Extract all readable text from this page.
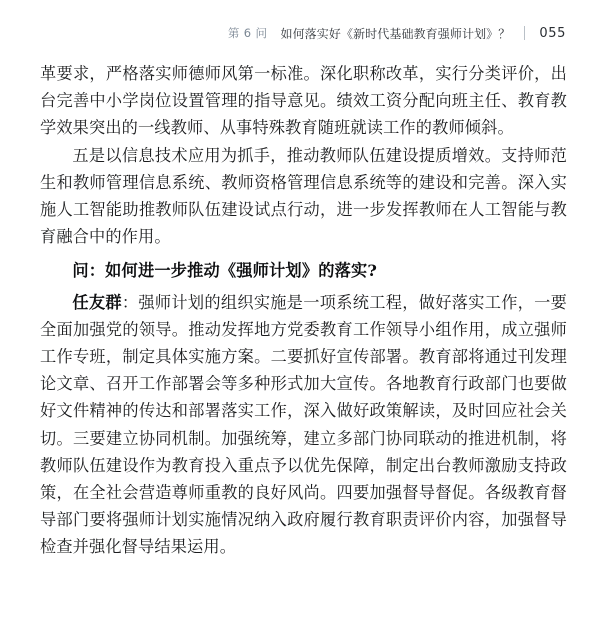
第 6 问 如何落实好《新时代基础教育强师计划》？ 055

革要求，严格落实师德师风第一标准。深化职称改革，实行分类评价，出台完善中小学岗位设置管理的指导意见。绩效工资分配向班主任、教育教学效果突出的一线教师、从事特殊教育随班就读工作的教师倾斜。

五是以信息技术应用为抓手，推动教师队伍建设提质增效。支持师范生和教师管理信息系统、教师资格管理信息系统等的建设和完善。深入实施人工智能助推教师队伍建设试点行动，进一步发挥教师在人工智能与教育融合中的作用。

问：如何进一步推动《强师计划》的落实?

任友群：强师计划的组织实施是一项系统工程，做好落实工作，一要全面加强党的领导。推动发挥地方党委教育工作领导小组作用，成立强师工作专班，制定具体实施方案。二要抓好宣传部署。教育部将通过刊发理论文章、召开工作部署会等多种形式加大宣传。各地教育行政部门也要做好文件精神的传达和部署落实工作，深入做好政策解读，及时回应社会关切。三要建立协同机制。加强统筹，建立多部门协同联动的推进机制，将教师队伍建设作为教育投入重点予以优先保障，制定出台教师激励支持政策，在全社会营造尊师重教的良好风尚。四要加强督导督促。各级教育督导部门要将强师计划实施情况纳入政府履行教育职责评价内容，加强督导检查并强化督导结果运用。
